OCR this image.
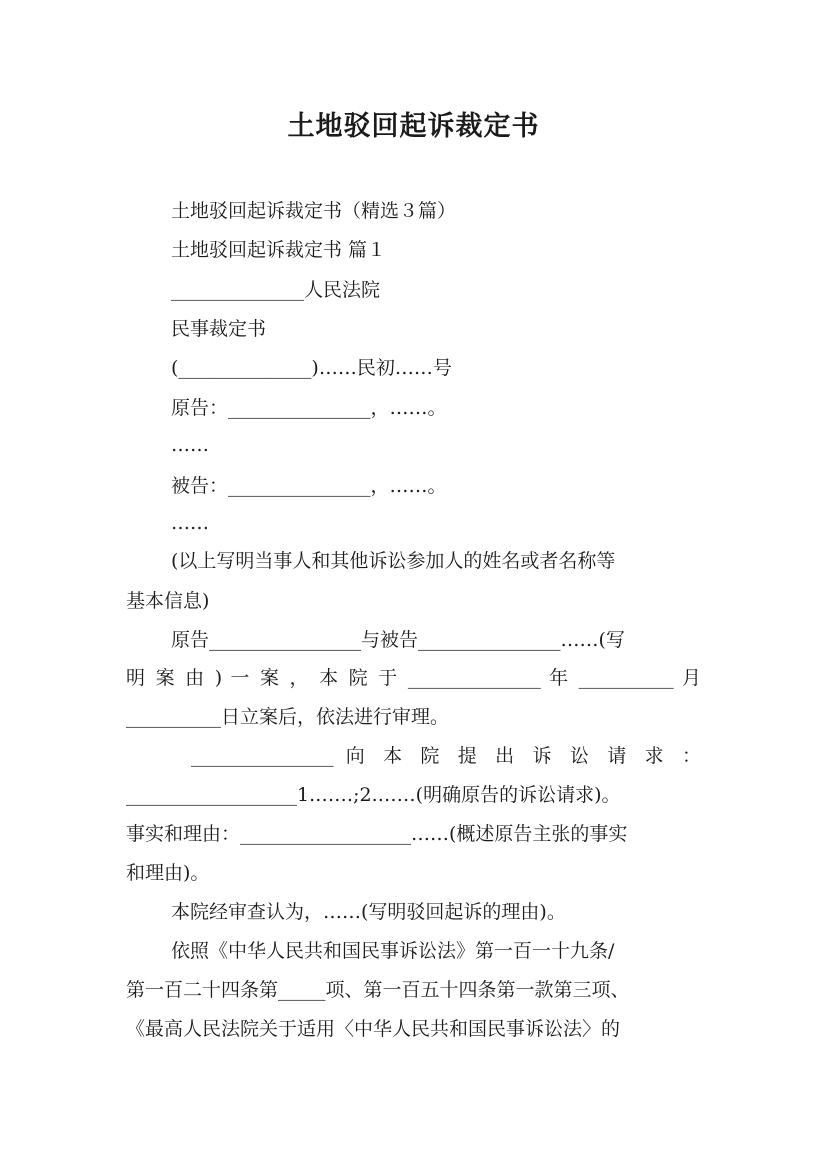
土地驳回起诉裁定书
土地驳回起诉裁定书（精选３篇）
土地驳回起诉裁定书 篇１
______________人民法院
民事裁定书
(______________)……民初……号
原告：_______________，……。
……
被告：_______________，……。
……
(以上写明当事人和其他诉讼参加人的姓名或者名称等
基本信息)
原告________________与被告_______________……(写
明 案 由 ) 一 案 ， 本 院 于 ______________ 年 __________ 月
__________日立案后，依法进行审理。
_______________ 向 本 院 提 出 诉 讼 请 求 ：
__________________1.……;2.……(明确原告的诉讼请求)。
事实和理由：__________________……(概述原告主张的事实
和理由)。
本院经审查认为，……(写明驳回起诉的理由)。
依照《中华人民共和国民事诉讼法》第一百一十九条/
第一百二十四条第_____项、第一百五十四条第一款第三项、
《最高人民法院关于适用〈中华人民共和国民事诉讼法〉的
